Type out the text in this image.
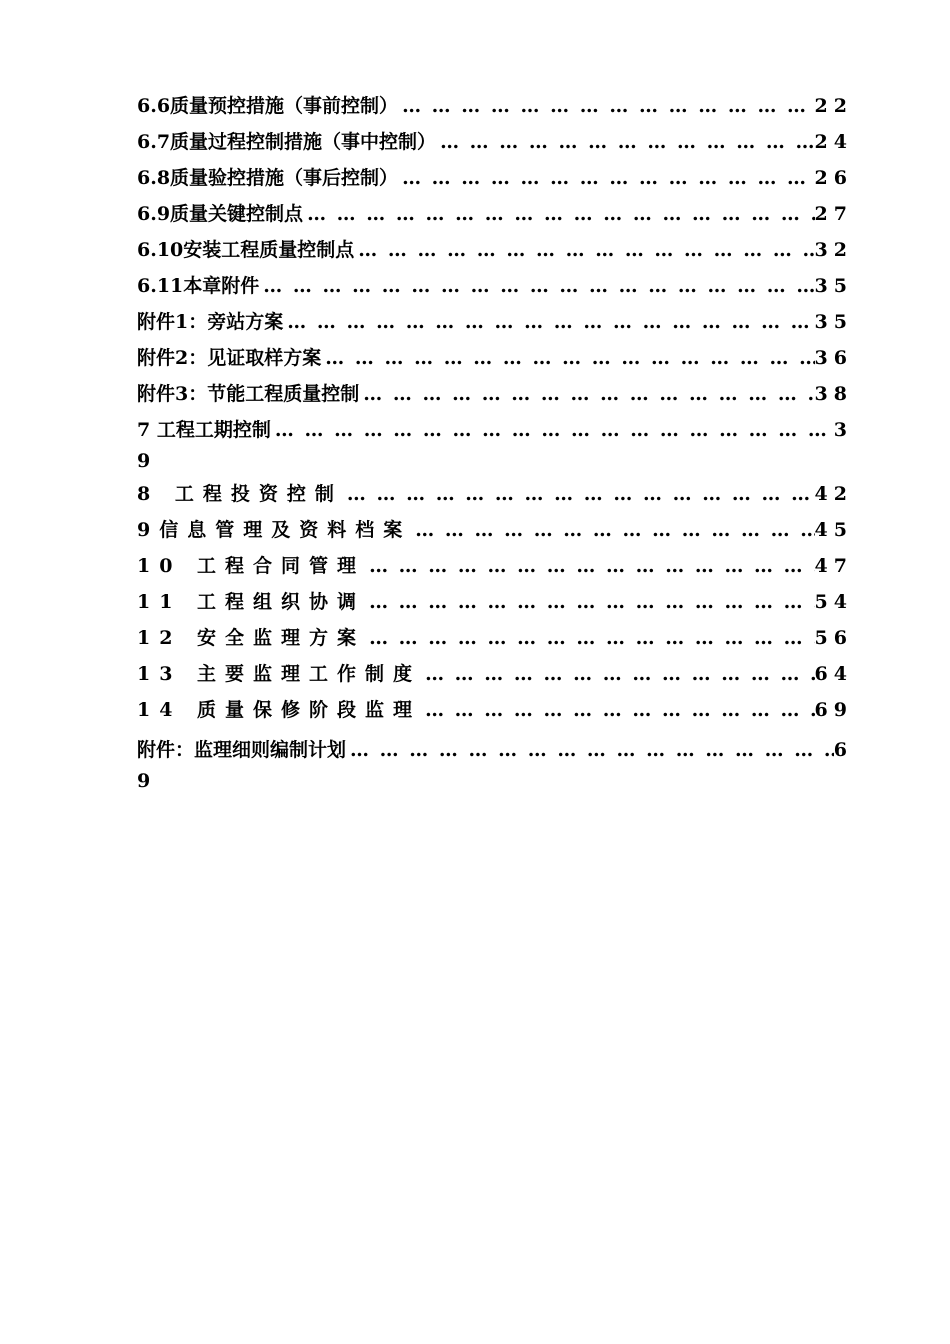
6.6质量预控措施（事前控制） … … … … … … … … … … … … … … … … … … … … … … … … … … … … … … … … … … … … … … … … … … … … … …	22
6.7质量过程控制措施（事中控制） … … … … … … … … … … … … … … … … … … … … … … … … … … … … … … … … … … … … … … … … … … … … … …	24
6.8质量验控措施（事后控制） … … … … … … … … … … … … … … … … … … … … … … … … … … … … … … … … … … … … … … … … … … … … … …	26
6.9质量关键控制点 … … … … … … … … … … … … … … … … … … … … … … … … … … … … … … … … … … … … … … … … … … … … … …	27
6.10安装工程质量控制点 … … … … … … … … … … … … … … … … … … … … … … … … … … … … … … … … … … … … … … … … … … … … … …	32
6.11本章附件 … … … … … … … … … … … … … … … … … … … … … … … … … … … … … … … … … … … … … … … … … … … … … …	35
附件1：旁站方案 … … … … … … … … … … … … … … … … … … … … … … … … … … … … … … … … … … … … … … … … … … … … … …	35
附件2：见证取样方案 … … … … … … … … … … … … … … … … … … … … … … … … … … … … … … … … … … … … … … … … … … … … … …	36
附件3：节能工程质量控制 … … … … … … … … … … … … … … … … … … … … … … … … … … … … … … … … … … … … … … … … … … … … … …	38
7 工程工期控制 … … … … … … … … … … … … … … … … … … … … … … … … … … … … … … … … … … … … … … … … … … … … … …	3
9
8 工程投资控制 … … … … … … … … … … … … … … … … … … … … … … … … … … … … … … … … … … … … … … … … … … … … … …	42
9信息管理及资料档案 … … … … … … … … … … … … … … … … … … … … … … … … … … … … … … … … … … … … … … … … … … … … … …	45
10 工程合同管理 … … … … … … … … … … … … … … … … … … … … … … … … … … … … … … … … … … … … … … … … … … … … … …	47
11 工程组织协调 … … … … … … … … … … … … … … … … … … … … … … … … … … … … … … … … … … … … … … … … … … … … … …	54
12 安全监理方案 … … … … … … … … … … … … … … … … … … … … … … … … … … … … … … … … … … … … … … … … … … … … … …	56
13 主要监理工作制度 … … … … … … … … … … … … … … … … … … … … … … … … … … … … … … … … … … … … … … … … … … … … … …	64
14 质量保修阶段监理 … … … … … … … … … … … … … … … … … … … … … … … … … … … … … … … … … … … … … … … … … … … … … …	69
附件：监理细则编制计划 … … … … … … … … … … … … … … … … … … … … … … … … … … … … … … … … … … … … … … … … … … … … … …	6
9
